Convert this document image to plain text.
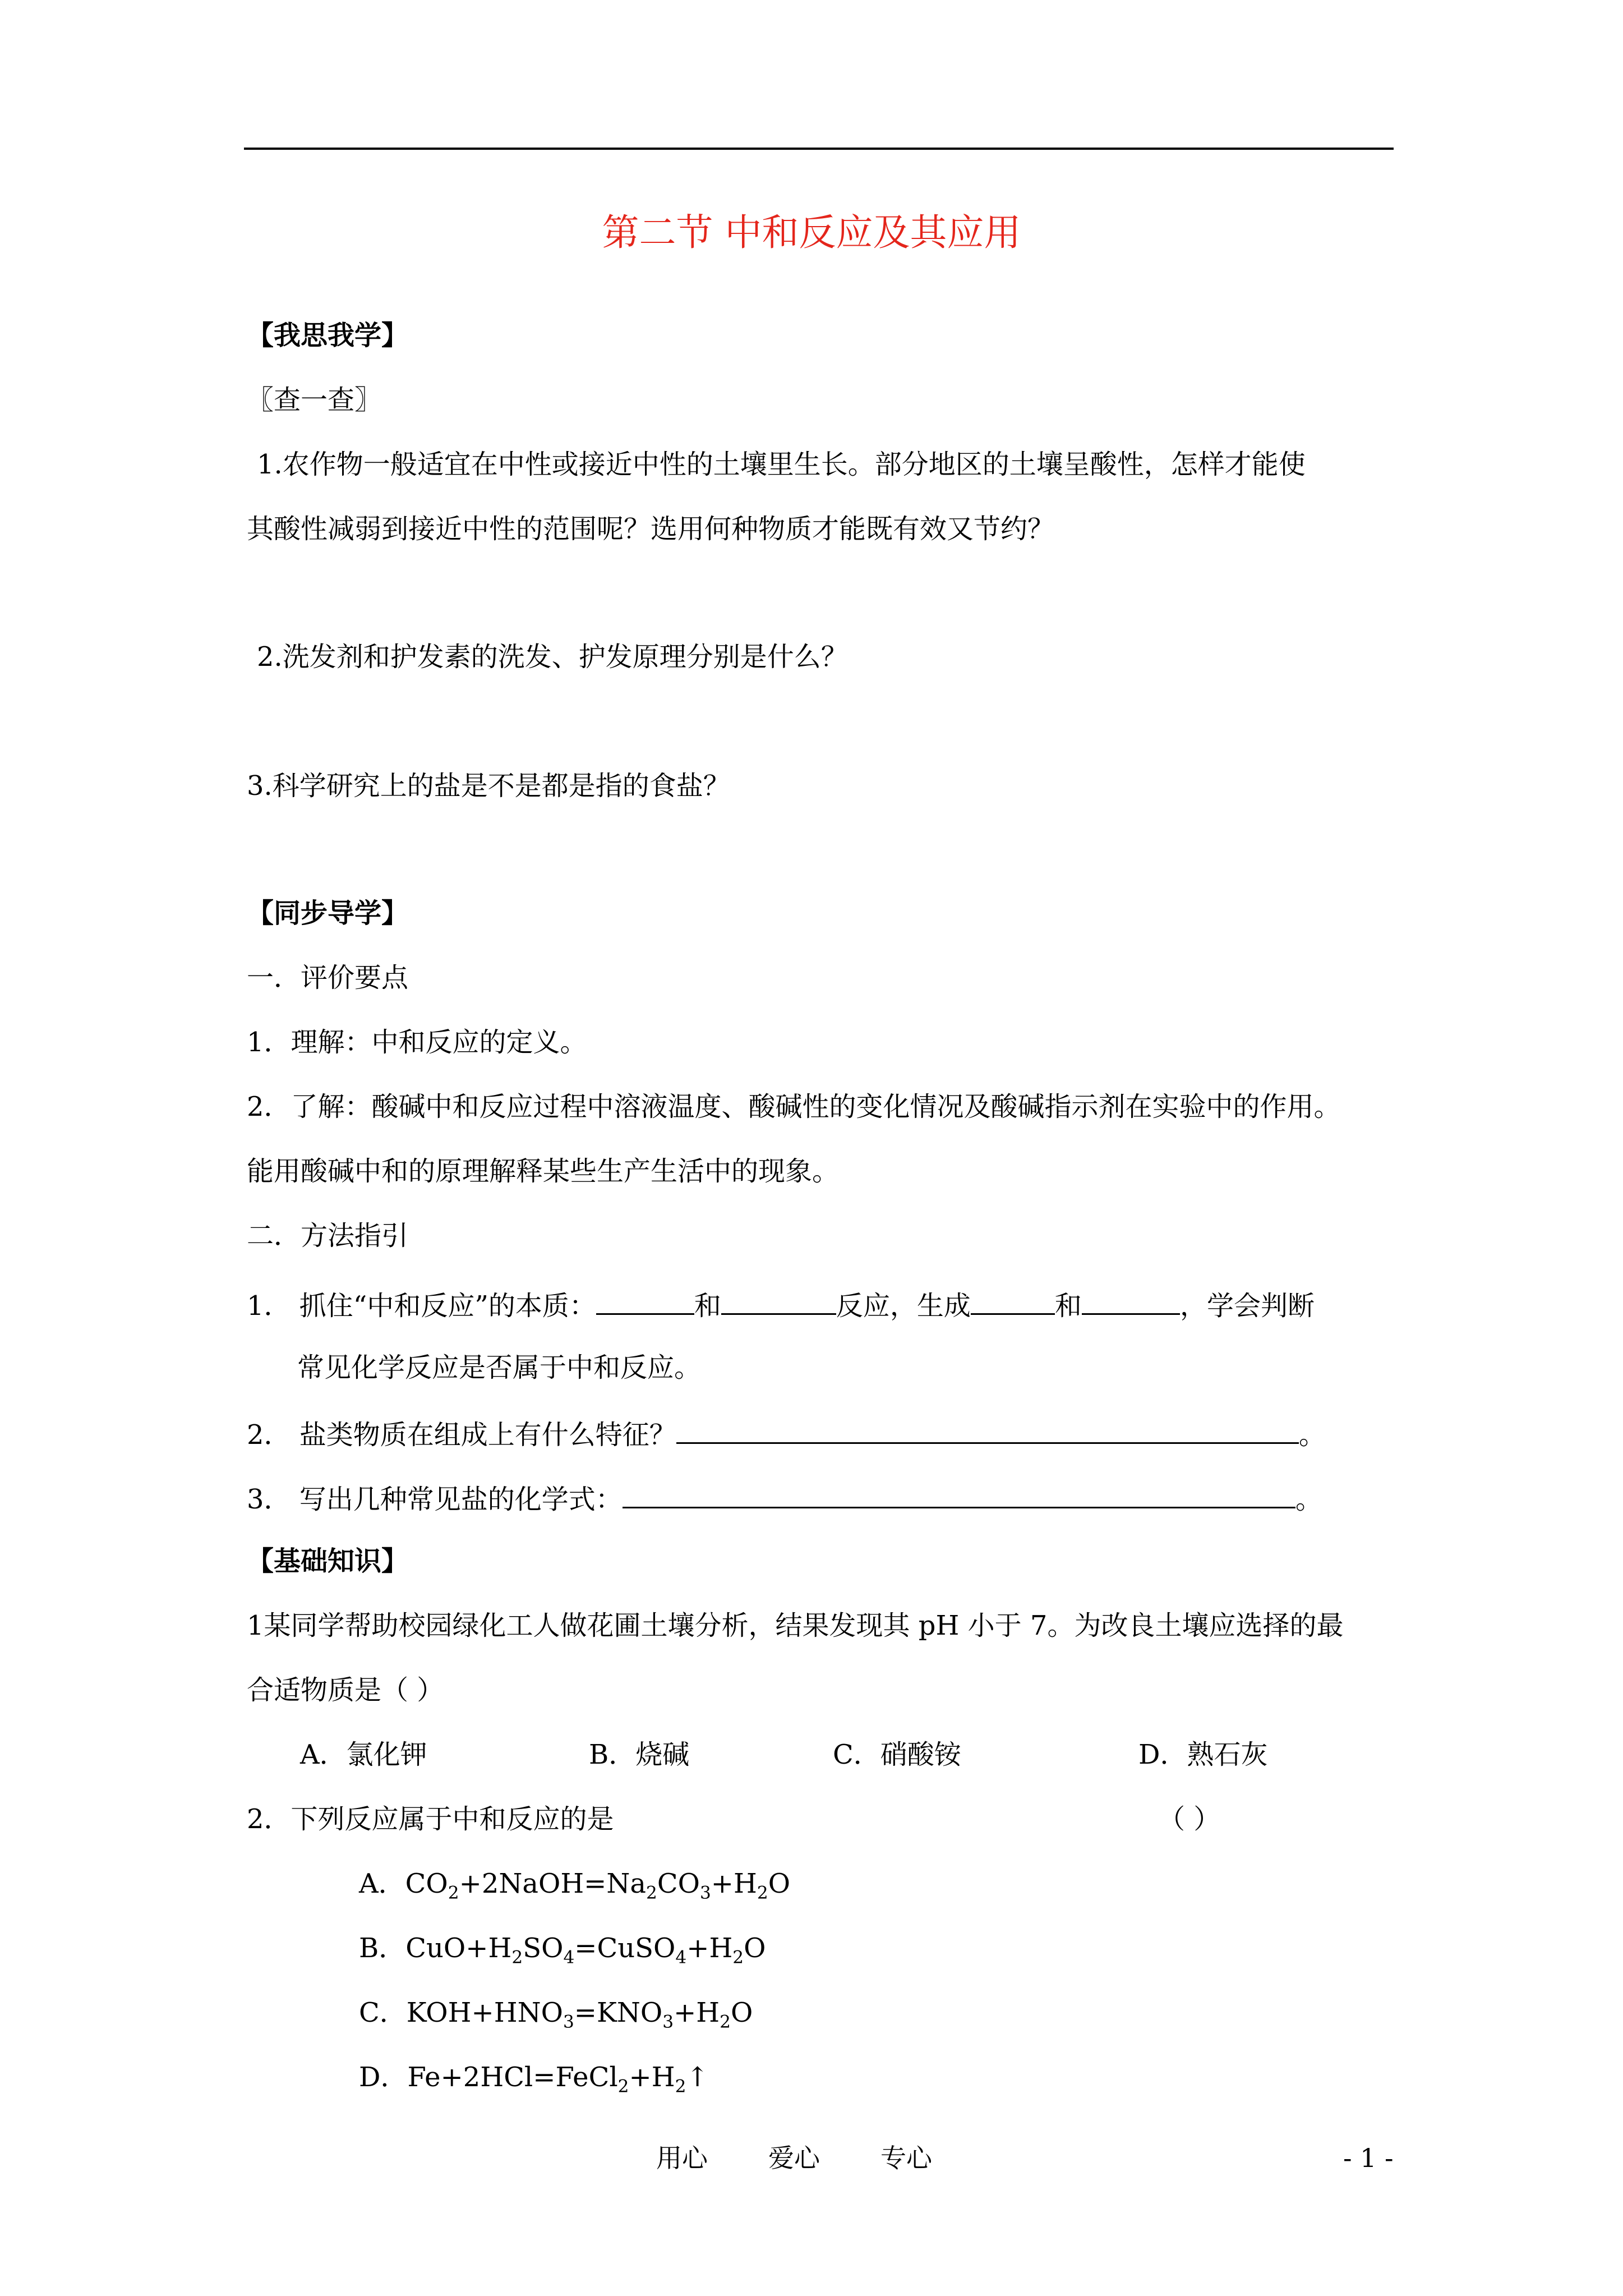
第二节 中和反应及其应用
【我思我学】
〖查一查〗
1.农作物一般适宜在中性或接近中性的土壤里生长。部分地区的土壤呈酸性，怎样才能使
其酸性减弱到接近中性的范围呢？选用何种物质才能既有效又节约？
2.洗发剂和护发素的洗发、护发原理分别是什么？
3.科学研究上的盐是不是都是指的食盐？
【同步导学】
一．评价要点
1．理解：中和反应的定义。
2．了解：酸碱中和反应过程中溶液温度、酸碱性的变化情况及酸碱指示剂在实验中的作用。
能用酸碱中和的原理解释某些生产生活中的现象。
二．方法指引
1． 抓住“中和反应”的本质：	和	反应，生成	和	，学会判断
常见化学反应是否属于中和反应。
2． 盐类物质在组成上有什么特征？	。
3． 写出几种常见盐的化学式：	。
【基础知识】
1某同学帮助校园绿化工人做花圃土壤分析，结果发现其 pH 小于 7。为改良土壤应选择的最
合适物质是（ ）
A．氯化钾	B．烧碱	C．硝酸铵	D．熟石灰
2．下列反应属于中和反应的是	（ ）
A．$CO_2+2NaOH=Na_2CO_3+H_2O$
B．$CuO+H_2SO_4=CuSO_4+H_2O$
C．$KOH+HNO_3=KNO_3+H_2O$
D．$Fe+2HCl=FeCl_2+H_2↑$
用心 爱心 专心	- 1 -
